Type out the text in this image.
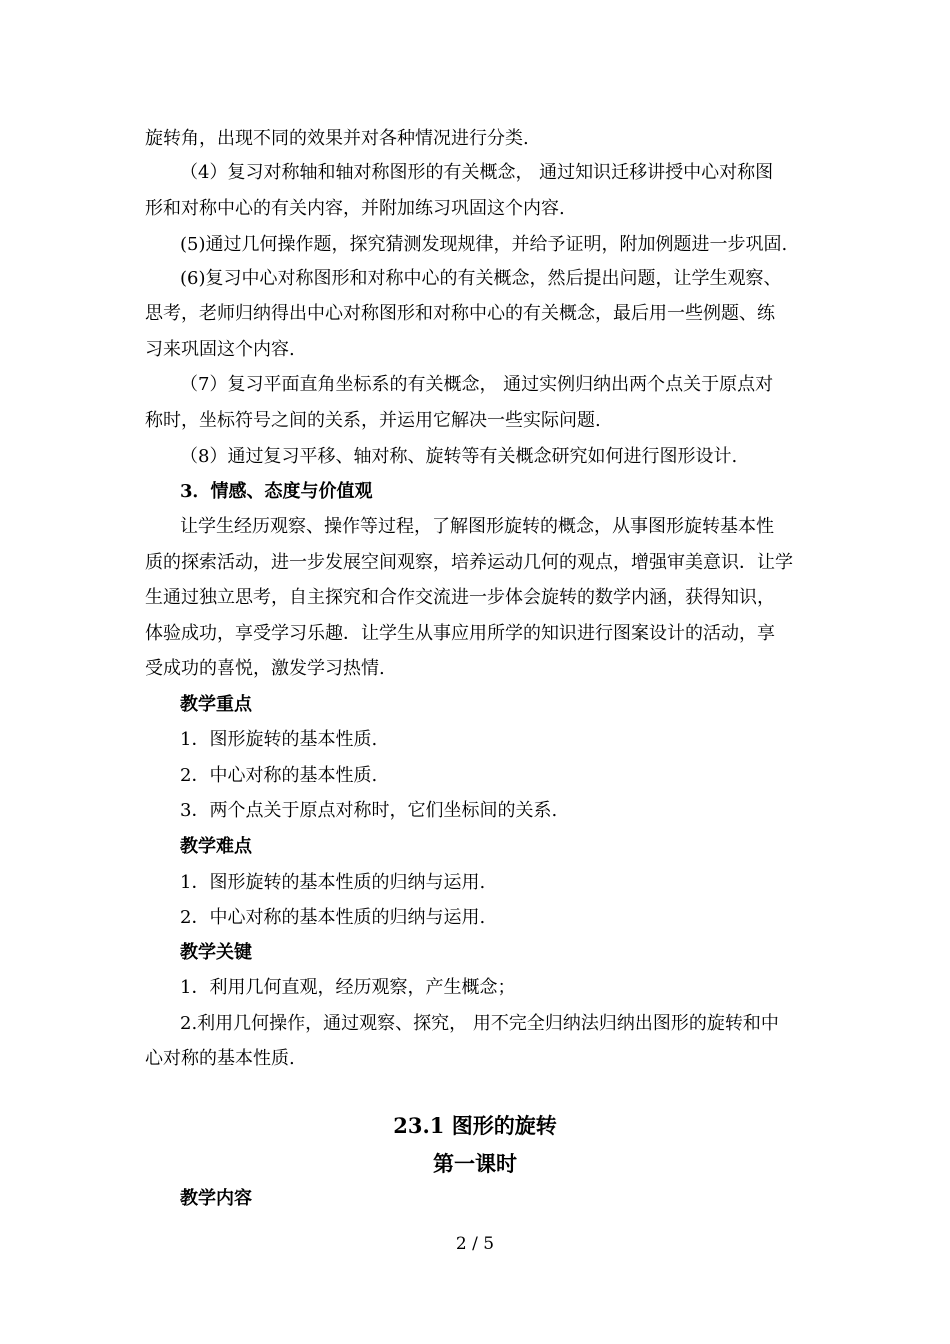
旋转角，出现不同的效果并对各种情况进行分类.
（4）复习对称轴和轴对称图形的有关概念， 通过知识迁移讲授中心对称图
形和对称中心的有关内容，并附加练习巩固这个内容.
(5)通过几何操作题，探究猜测发现规律，并给予证明，附加例题进一步巩固.
(6)复习中心对称图形和对称中心的有关概念，然后提出问题，让学生观察、
思考，老师归纳得出中心对称图形和对称中心的有关概念，最后用一些例题、练
习来巩固这个内容.
（7）复习平面直角坐标系的有关概念， 通过实例归纳出两个点关于原点对
称时，坐标符号之间的关系，并运用它解决一些实际问题.
（8）通过复习平移、轴对称、旋转等有关概念研究如何进行图形设计.
3．情感、态度与价值观
让学生经历观察、操作等过程，了解图形旋转的概念，从事图形旋转基本性
质的探索活动，进一步发展空间观察，培养运动几何的观点，增强审美意识．让学
生通过独立思考，自主探究和合作交流进一步体会旋转的数学内涵，获得知识，
体验成功，享受学习乐趣．让学生从事应用所学的知识进行图案设计的活动，享
受成功的喜悦，激发学习热情.
教学重点
1．图形旋转的基本性质.
2．中心对称的基本性质.
3．两个点关于原点对称时，它们坐标间的关系.
教学难点
1．图形旋转的基本性质的归纳与运用.
2．中心对称的基本性质的归纳与运用.
教学关键
1．利用几何直观，经历观察，产生概念；
2.利用几何操作，通过观察、探究， 用不完全归纳法归纳出图形的旋转和中
心对称的基本性质.
23.1 图形的旋转
第一课时
教学内容
2 / 5
